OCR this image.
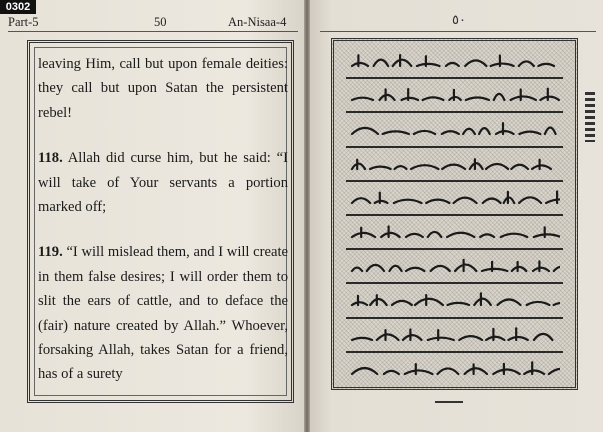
0302
Part-5	50	An-Nisaa-4

leaving Him, call but upon female deities: they call but upon Satan the persistent rebel!

118. Allah did curse him, but he said: “I will take of Your servants a portion marked off;

119. “I will mislead them, and I will create in them false desires; I will order them to slit the ears of cattle, and to deface the (fair) nature created by Allah.” Whoever, forsaking Allah, takes Satan for a friend, has of a surety

٥٠
